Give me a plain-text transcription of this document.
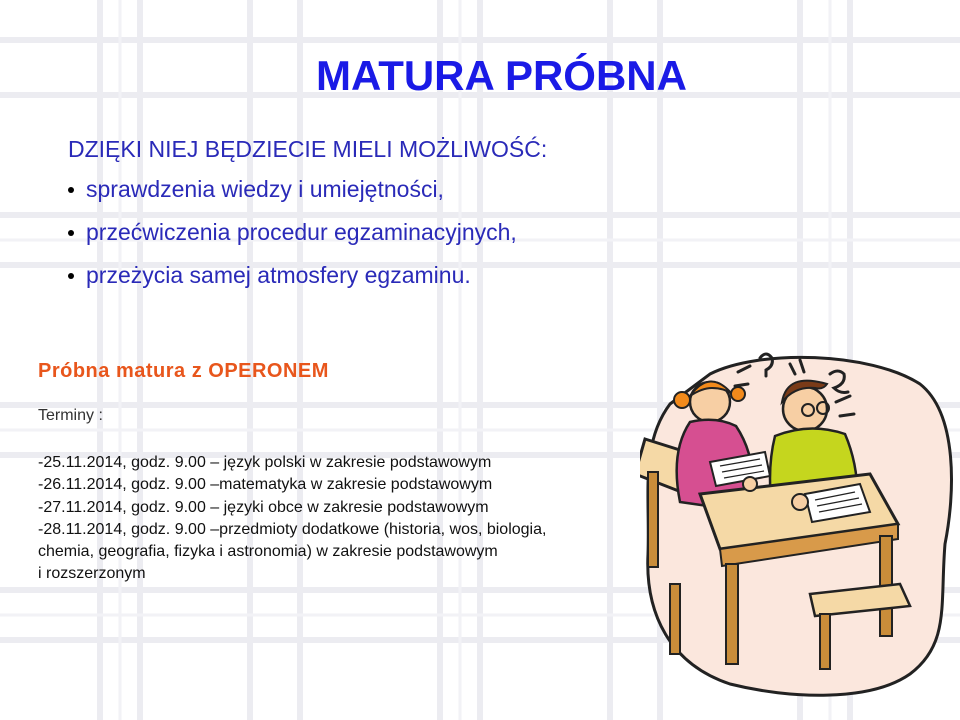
MATURA PRÓBNA

DZIĘKI NIEJ BĘDZIECIE MIELI MOŻLIWOŚĆ:

sprawdzenia wiedzy i umiejętności,
przećwiczenia procedur egzaminacyjnych,
przeżycia samej atmosfery egzaminu.
Próbna matura z OPERONEM
Terminy :
-25.11.2014, godz. 9.00 – język polski w zakresie podstawowym
-26.11.2014, godz. 9.00 –matematyka w zakresie podstawowym
-27.11.2014, godz. 9.00 – języki obce w zakresie podstawowym
-28.11.2014, godz. 9.00 –przedmioty dodatkowe (historia, wos, biologia,
chemia, geografia, fizyka i astronomia) w zakresie podstawowym
i rozszerzonym
